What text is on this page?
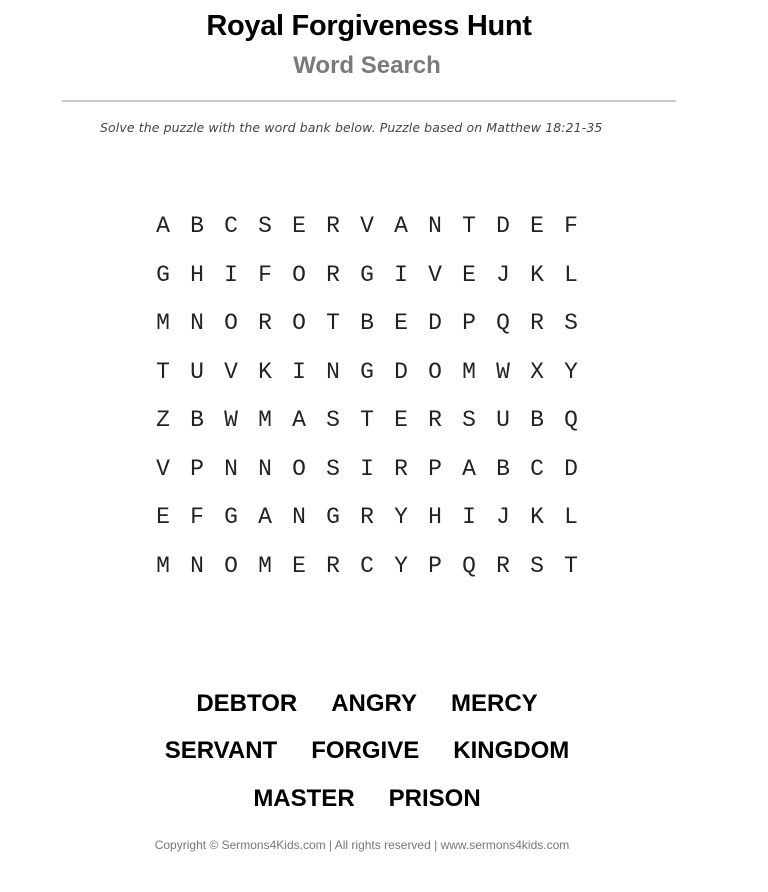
Royal Forgiveness Hunt
Word Search
Solve the puzzle with the word bank below. Puzzle based on Matthew 18:21-35
A B C S E R V A N T D E F
G H I F O R G I V E J K L
M N O R O T B E D P Q R S
T U V K I N G D O M W X Y
Z B W M A S T E R S U B Q
V P N N O S I R P A B C D
E F G A N G R Y H I J K L
M N O M E R C Y P Q R S T
DEBTOR ANGRY MERCY
SERVANT FORGIVE KINGDOM
MASTER PRISON
Copyright © Sermons4Kids.com | All rights reserved | www.sermons4kids.com
